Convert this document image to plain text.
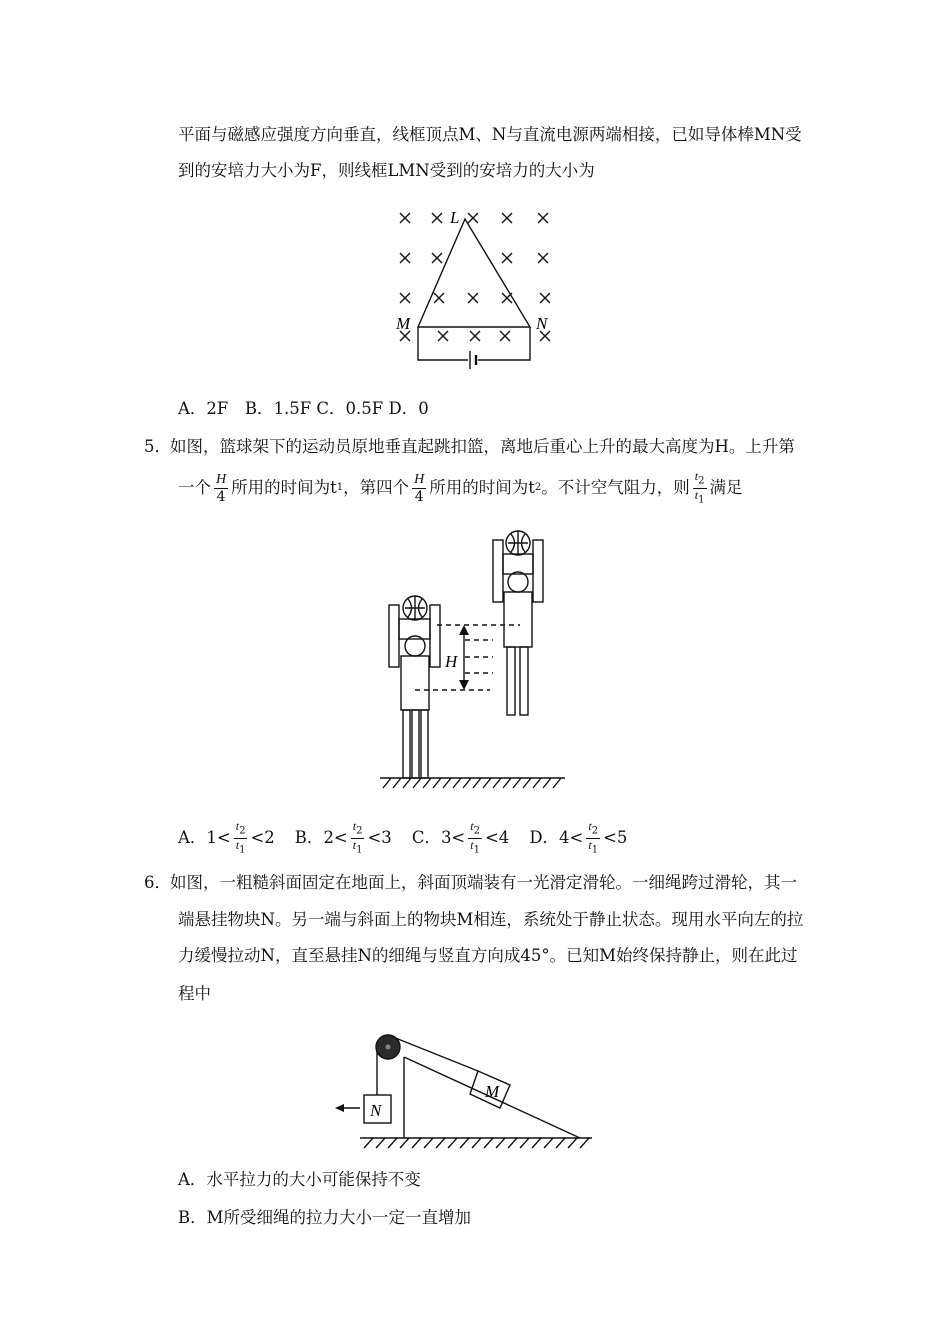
平面与磁感应强度方向垂直，线框顶点M、N与直流电源两端相接，已如导体棒MN受
到的安培力大小为F，则线框LMN受到的安培力的大小为
L
M	N
A．2F　B．1.5F C．0.5F D．0
5． 如图，篮球架下的运动员原地垂直起跳扣篮，离地后重心上升的最大高度为H。上升第
一个 $\frac{H}{4}$ 所用的时间为t 1 ，第四个 $\frac{H}{4}$ 所用的时间为t 2 。不计空气阻力，则 $\frac{t_2}{t_1}$ 满足
H
A． $1< \frac{t_2}{t_1} <2$ B． $2< \frac{t_2}{t_1} <3$ C． $3< \frac{t_2}{t_1} <4$ D． $4< \frac{t_2}{t_1} <5$
6． 如图，一粗糙斜面固定在地面上，斜面顶端装有一光滑定滑轮。一细绳跨过滑轮，其一
端悬挂物块N。另一端与斜面上的物块M相连，系统处于静止状态。现用水平向左的拉
力缓慢拉动N，直至悬挂N的细绳与竖直方向成45°。已知M始终保持静止，则在此过
程中
N
M
A．水平拉力的大小可能保持不变
B．M所受细绳的拉力大小一定一直增加
